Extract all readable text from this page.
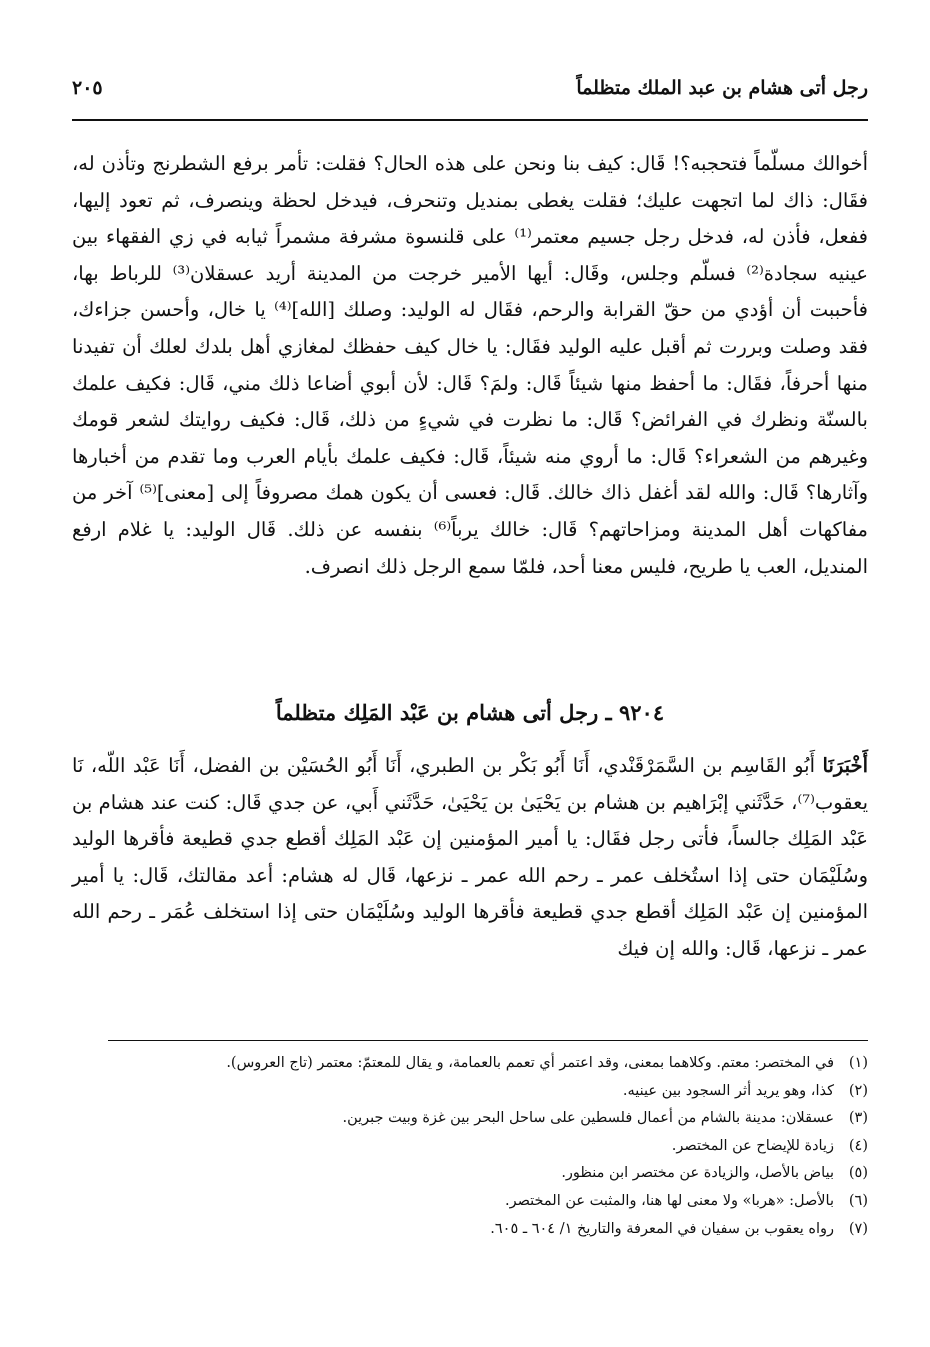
رجل أتى هشام بن عبد الملك متظلماً
٢٠٥

أخوالك مسلّماً فتحجبه؟! قَال: كيف بنا ونحن على هذه الحال؟ فقلت: تأمر برفع الشطرنج وتأذن له، فقَال: ذاك لما اتجهت عليك؛ فقلت يغطى بمنديل وتنحرف، فيدخل لحظة وينصرف، ثم تعود إليها، ففعل، فأذن له، فدخل رجل جسيم معتمر⁽¹⁾ على قلنسوة مشرفة مشمراً ثيابه في زي الفقهاء بين عينيه سجادة⁽²⁾ فسلّم وجلس، وقَال: أيها الأمير خرجت من المدينة أريد عسقلان⁽³⁾ للرباط بها، فأحببت أن أؤدي من حقّ القرابة والرحم، فقَال له الوليد: وصلك [الله]⁽⁴⁾ يا خال، وأحسن جزاءك، فقد وصلت وبررت ثم أقبل عليه الوليد فقَال: يا خال كيف حفظك لمغازي أهل بلدك لعلك أن تفيدنا منها أحرفاً، فقَال: ما أحفظ منها شيئاً قَال: ولمَ؟ قَال: لأن أبوي أضاعا ذلك مني، قَال: فكيف علمك بالسنّة ونظرك في الفرائض؟ قَال: ما نظرت في شيءٍ من ذلك، قَال: فكيف روايتك لشعر قومك وغيرهم من الشعراء؟ قَال: ما أروي منه شيئاً، قَال: فكيف علمك بأيام العرب وما تقدم من أخبارها وآثارها؟ قَال: والله لقد أغفل ذاك خالك. قَال: فعسى أن يكون همك مصروفاً إلى [معنى]⁽⁵⁾ آخر من مفاكهات أهل المدينة ومزاحاتهم؟ قَال: خالك يرباً⁽⁶⁾ بنفسه عن ذلك. قَال الوليد: يا غلام ارفع المنديل، العب يا طريح، فليس معنا أحد، فلمّا سمع الرجل ذلك انصرف.

٩٢٠٤ ـ رجل أتى هشام بن عَبْد المَلِك متظلماً

أَخْبَرَنَا أَبُو القَاسِم بن السَّمَرْقَنْدي، أَنَا أَبُو بَكْر بن الطبري، أَنَا أَبُو الحُسَيْن بن الفضل، أَنَا عَبْد اللّه، نَا يعقوب⁽⁷⁾، حَدَّثَني إبْرَاهيم بن هشام بن يَحْيَىٰ بن يَحْيَىٰ، حَدَّثَني أَبي، عن جدي قَال: كنت عند هشام بن عَبْد المَلِك جالساً، فأتى رجل فقَال: يا أمير المؤمنين إن عَبْد المَلِك أقطع جدي قطيعة فأقرها الوليد وسُلَيْمَان حتى إذا استُخلف عمر ـ رحم الله عمر ـ نزعها، قَال له هشام: أعد مقالتك، قَال: يا أمير المؤمنين إن عَبْد المَلِك أقطع جدي قطيعة فأقرها الوليد وسُلَيْمَان حتى إذا استخلف عُمَر ـ رحم الله عمر ـ نزعها، قَال: والله إن فيك

(١)في المختصر: معتم. وكلاهما بمعنى، وقد اعتمر أي تعمم بالعمامة، و يقال للمعتمّ: معتمر (تاج العروس).
(٢)كذا، وهو يريد أثر السجود بين عينيه.
(٣)عسقلان: مدينة بالشام من أعمال فلسطين على ساحل البحر بين غزة وبيت جبرين.
(٤)زيادة للإيضاح عن المختصر.
(٥)بياض بالأصل، والزيادة عن مختصر ابن منظور.
(٦)بالأصل: «هربا» ولا معنى لها هنا، والمثبت عن المختصر.
(٧)رواه يعقوب بن سفيان في المعرفة والتاريخ ١/ ٦٠٤ ـ ٦٠٥.
